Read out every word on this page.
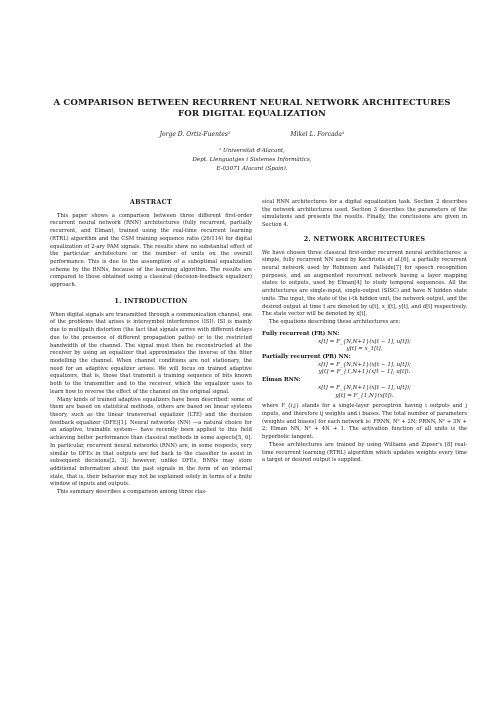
A COMPARISON BETWEEN RECURRENT NEURAL NETWORK ARCHITECTURES
FOR DIGITAL EQUALIZATION
Jorge D. Ortiz-Fuentes¹	Mikel L. Forcada¹
¹ Universitat d'Alacant,
Dept. Llenguatges i Sistemes Informàtics,
E-03071 Alacant (Spain).
ABSTRACT

This paper shows a comparison between three different first-order recurrent neural network (RNN) architectures (fully recurrent, partially recurrent, and Elman), trained using the real-time recurrent learning (RTRL) algorithm and the CSM training sequence ratio (26/114) for digital equalization of 2-ary PAM signals. The results show no substantial effect of the particular architecture or the number of units on the overall performance. This is due to the assumption of a suboptimal equalization scheme by the RNNs, because of the learning algorithm. The results are compared to those obtained using a classical (decision-feedback equalizer) approach.

1. INTRODUCTION

When digital signals are transmitted through a communication channel, one of the problems that arises is intersymbol interference (ISI). ISI is mainly due to multipath distortion (the fact that signals arrive with different delays due to the presence of different propagation paths) or to the restricted bandwidth of the channel. The signal must then be reconstructed at the receiver by using an equalizer that approximates the inverse of the filter modelling the channel. When channel conditions are not stationary, the need for an adaptive equalizer arises. We will focus on trained adaptive equalizers, that is, those that transmit a training sequence of bits known both to the transmitter and to the receiver, which the equalizer uses to learn how to reverse the effect of the channel on the original signal.

Many kinds of trained adaptive equalizers have been described: some of them are based on statistical methods, others are based on linear systems theory, such as the linear transversal equalizer (LTE) and the decision feedback equalizer (DFE)[1]. Neural networks (NN) —a natural choice for an adaptive, trainable system— have recently been applied to this field achieving better performance than classical methods in some aspects[5, 6]. In particular, recurrent neural networks (RNN) are, in some respects, very similar to DFEs in that outputs are fed back to the classifier to assist in subsequent decisions[2, 3]; however, unlike DFEs, RNNs may store additional information about the past signals in the form of an internal state, that is, their behavior may not be explained solely in terms of a finite window of inputs and outputs.

This summary describes a comparison among three clas-

sical RNN architectures for a digital equalization task. Section 2 describes the network architectures used. Section 3 describes the parameters of the simulations and presents the results. Finally, the conclusions are given in Section 4.

2. NETWORK ARCHITECTURES

We have chosen three classical first-order recurrent neural architectures: a simple, fully recurrent NN used by Kechriotis et al.[6], a partially recurrent neural network used by Robinson and Fallside[7] for speech recognition purposes, and an augmented recurrent network having a layer mapping states to outputs, used by Elman[4] to study temporal sequences. All the architectures are single-input, single-output (SISC) and have N hidden state units. The input, the state of the i-th hidden unit, the network output, and the desired output at time t are denoted by u[t], x_i[t], y[t], and d[t] respectively. The state vector will be denoted by x[t].

The equations describing these architectures are:

Fully recurrent (FR) NN:
x[t] = F_{N,N+1}(x[t − 1], u[t]);
y[t] = x_1[t].
Partially recurrent (PR) NN:
x[t] = F_{N,N+1}(x[t − 1], u[t]);
y[t] = F_{1,N+1}(x[t − 1], u[t]).
Elman RNN:
x[t] = F_{N,N+1}(x[t − 1], u[t]);
y[t] = F_{1,N}(x[t]).

where F_{i,j} stands for a single-layer perceptron having i outputs and j inputs, and therefore ij weights and i biases. The total number of parameters (weights and biases) for each network is: FRNN, N² + 2N; PRNN, N² + 3N + 2; Elman NN, N² + 4N + 1. The activation function of all units is the hyperbolic tangent.

These architectures are trained by using Williams and Zipser's [8] real-time recurrent learning (RTRL) algorithm which updates weights every time a target or desired output is supplied.
